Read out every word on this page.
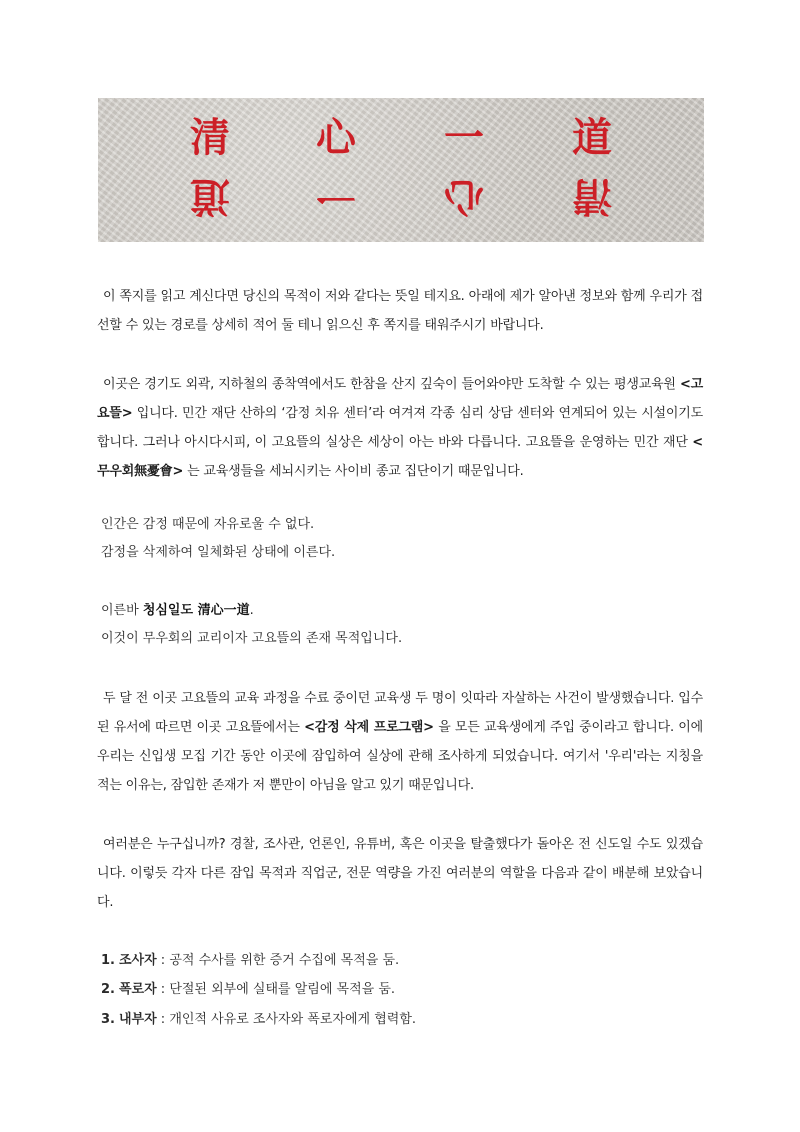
清 心 一 道
道 一 心 清

이 쪽지를 읽고 계신다면 당신의 목적이 저와 같다는 뜻일 테지요. 아래에 제가 알아낸 정보와 함께 우리가 접선할 수 있는 경로를 상세히 적어 둘 테니 읽으신 후 쪽지를 태워주시기 바랍니다.

이곳은 경기도 외곽, 지하철의 종착역에서도 한참을 산지 깊숙이 들어와야만 도착할 수 있는 평생교육원 <고요뜰> 입니다. 민간 재단 산하의 ‘감정 치유 센터’라 여겨져 각종 심리 상담 센터와 연계되어 있는 시설이기도 합니다. 그러나 아시다시피, 이 고요뜰의 실상은 세상이 아는 바와 다릅니다. 고요뜰을 운영하는 민간 재단 <무우회無憂會> 는 교육생들을 세뇌시키는 사이비 종교 집단이기 때문입니다.

인간은 감정 때문에 자유로울 수 없다.
감정을 삭제하여 일체화된 상태에 이른다.
이른바 청심일도 清心一道.
이것이 무우회의 교리이자 고요뜰의 존재 목적입니다.

두 달 전 이곳 고요뜰의 교육 과정을 수료 중이던 교육생 두 명이 잇따라 자살하는 사건이 발생했습니다. 입수된 유서에 따르면 이곳 고요뜰에서는 <감정 삭제 프로그램> 을 모든 교육생에게 주입 중이라고 합니다. 이에 우리는 신입생 모집 기간 동안 이곳에 잠입하여 실상에 관해 조사하게 되었습니다. 여기서 '우리'라는 지칭을 적는 이유는, 잠입한 존재가 저 뿐만이 아님을 알고 있기 때문입니다.

여러분은 누구십니까? 경찰, 조사관, 언론인, 유튜버, 혹은 이곳을 탈출했다가 돌아온 전 신도일 수도 있겠습니다. 이렇듯 각자 다른 잠입 목적과 직업군, 전문 역량을 가진 여러분의 역할을 다음과 같이 배분해 보았습니다.

1. 조사자 : 공적 수사를 위한 증거 수집에 목적을 둠.
2. 폭로자 : 단절된 외부에 실태를 알림에 목적을 둠.
3. 내부자 : 개인적 사유로 조사자와 폭로자에게 협력함.
